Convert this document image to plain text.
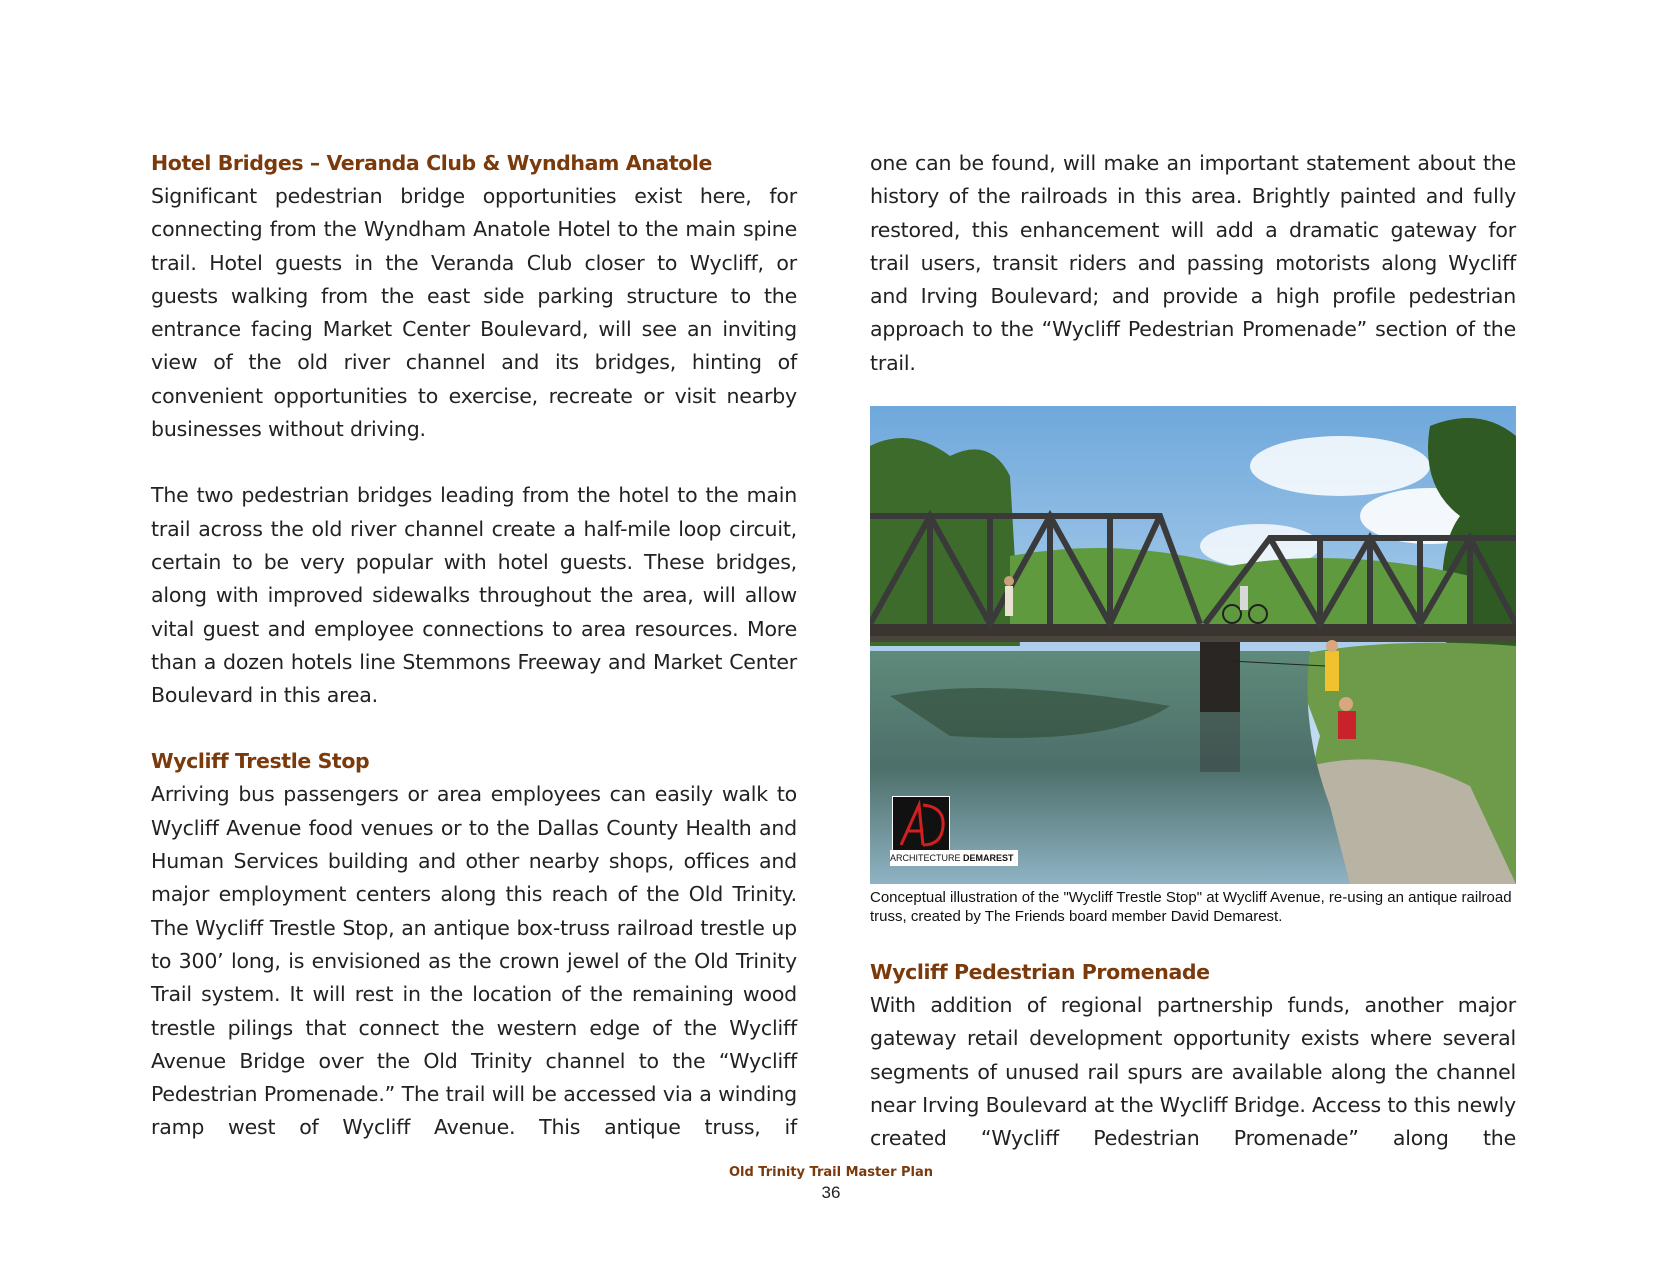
Hotel Bridges – Veranda Club & Wyndham Anatole

Significant pedestrian bridge opportunities exist here, for connecting from the Wyndham Anatole Hotel to the main spine trail. Hotel guests in the Veranda Club closer to Wycliff, or guests walking from the east side parking structure to the entrance facing Market Center Boulevard, will see an inviting view of the old river channel and its bridges, hinting of convenient opportunities to exercise, recreate or visit nearby businesses without driving.

The two pedestrian bridges leading from the hotel to the main trail across the old river channel create a half-mile loop circuit, certain to be very popular with hotel guests. These bridges, along with improved sidewalks throughout the area, will allow vital guest and employee connections to area resources. More than a dozen hotels line Stemmons Freeway and Market Center Boulevard in this area.

Wycliff Trestle Stop

Arriving bus passengers or area employees can easily walk to Wycliff Avenue food venues or to the Dallas County Health and Human Services building and other nearby shops, offices and major employment centers along this reach of the Old Trinity. The Wycliff Trestle Stop, an antique box-truss railroad trestle up to 300’ long, is envisioned as the crown jewel of the Old Trinity Trail system. It will rest in the location of the remaining wood trestle pilings that connect the western edge of the Wycliff Avenue Bridge over the Old Trinity channel to the “Wycliff Pedestrian Promenade.” The trail will be accessed via a winding ramp west of Wycliff Avenue. This antique truss, if

one can be found, will make an important statement about the history of the railroads in this area. Brightly painted and fully restored, this enhancement will add a dramatic gateway for trail users, transit riders and passing motorists along Wycliff and Irving Boulevard; and provide a high profile pedestrian approach to the “Wycliff Pedestrian Promenade” section of the trail.

ARCHITECTURE DEMAREST

Conceptual illustration of the "Wycliff Trestle Stop" at Wycliff Avenue, re-using an antique railroad truss, created by The Friends board member David Demarest.

Wycliff Pedestrian Promenade

With addition of regional partnership funds, another major gateway retail development opportunity exists where several segments of unused rail spurs are available along the channel near Irving Boulevard at the Wycliff Bridge. Access to this newly created “Wycliff Pedestrian Promenade” along the

Old Trinity Trail Master Plan
36
